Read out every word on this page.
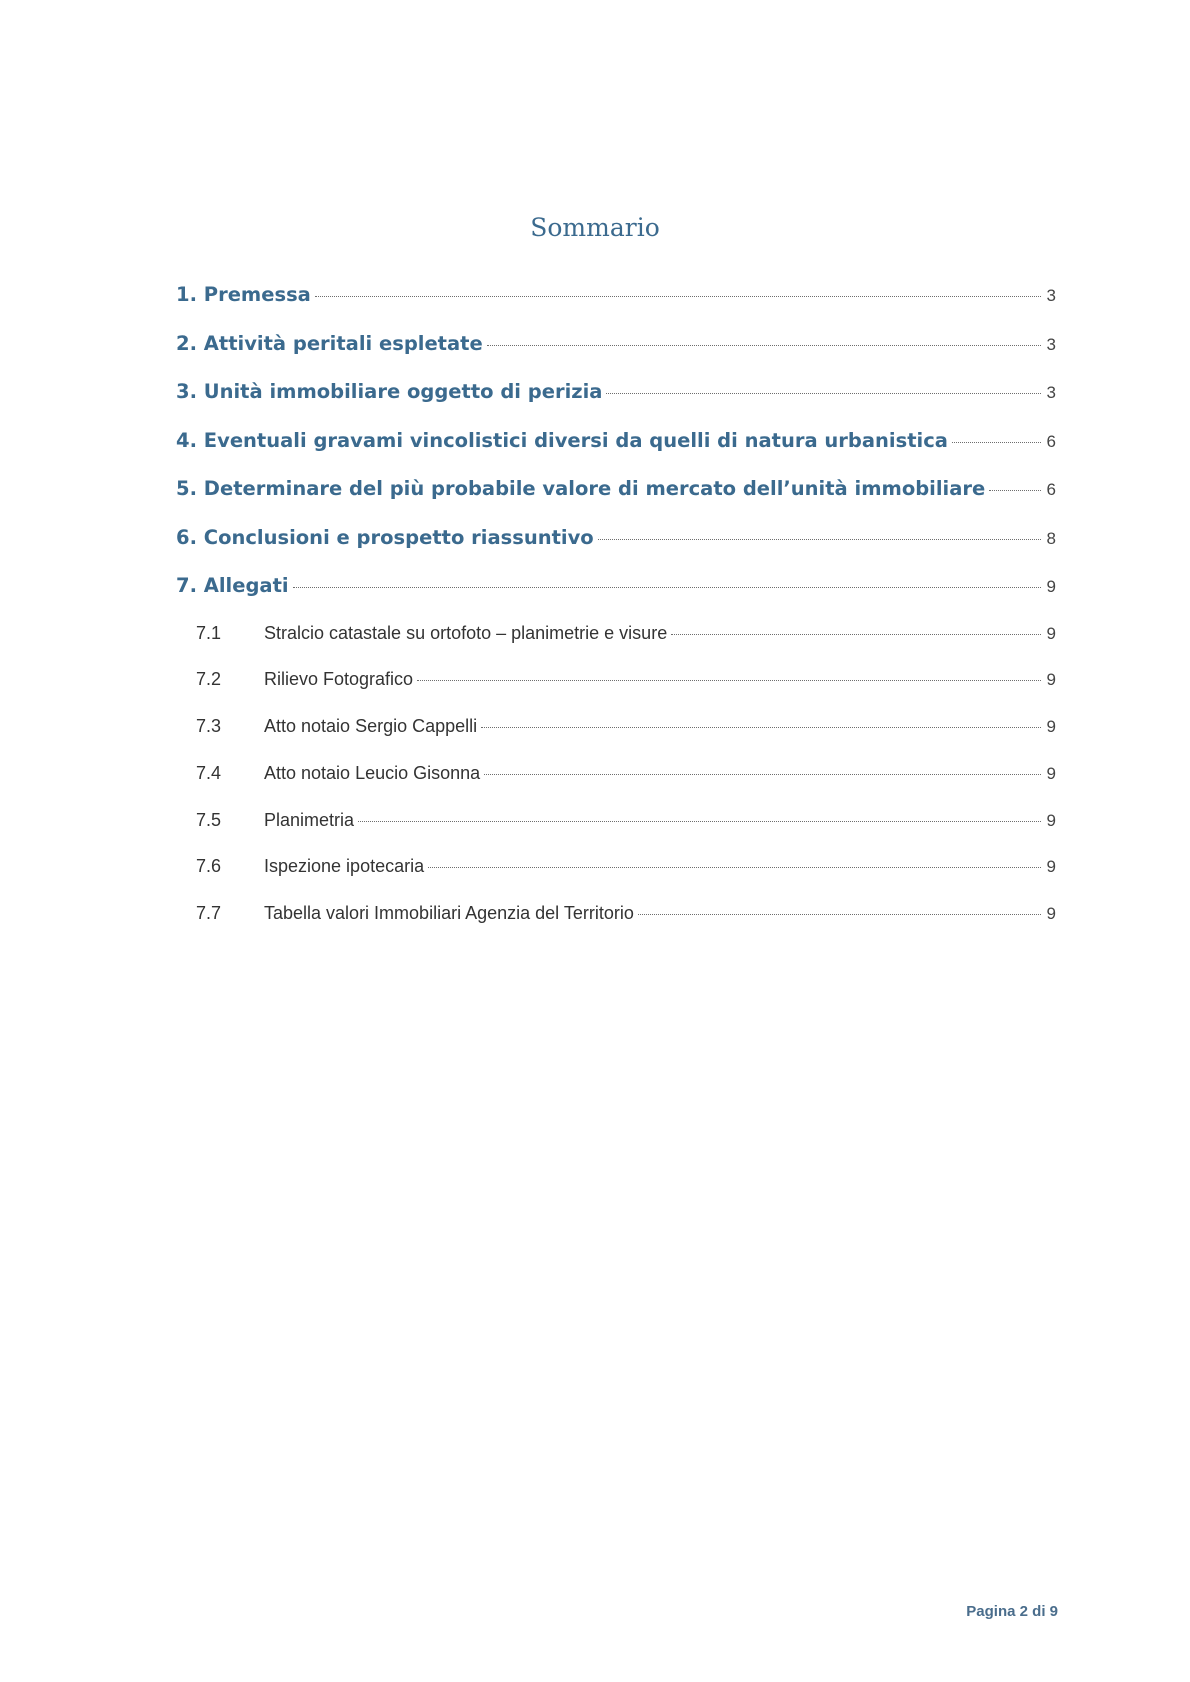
Sommario
1. Premessa	3
2. Attività peritali espletate	3
3. Unità immobiliare oggetto di perizia	3
4. Eventuali gravami vincolistici diversi da quelli di natura urbanistica	6
5. Determinare del più probabile valore di mercato dell’unità immobiliare	6
6. Conclusioni e prospetto riassuntivo	8
7. Allegati	9
7.1	Stralcio catastale su ortofoto – planimetrie e visure	9
7.2	Rilievo Fotografico	9
7.3	Atto notaio Sergio Cappelli	9
7.4	Atto notaio Leucio Gisonna	9
7.5	Planimetria	9
7.6	Ispezione ipotecaria	9
7.7	Tabella valori Immobiliari Agenzia del Territorio	9
Pagina 2 di 9
